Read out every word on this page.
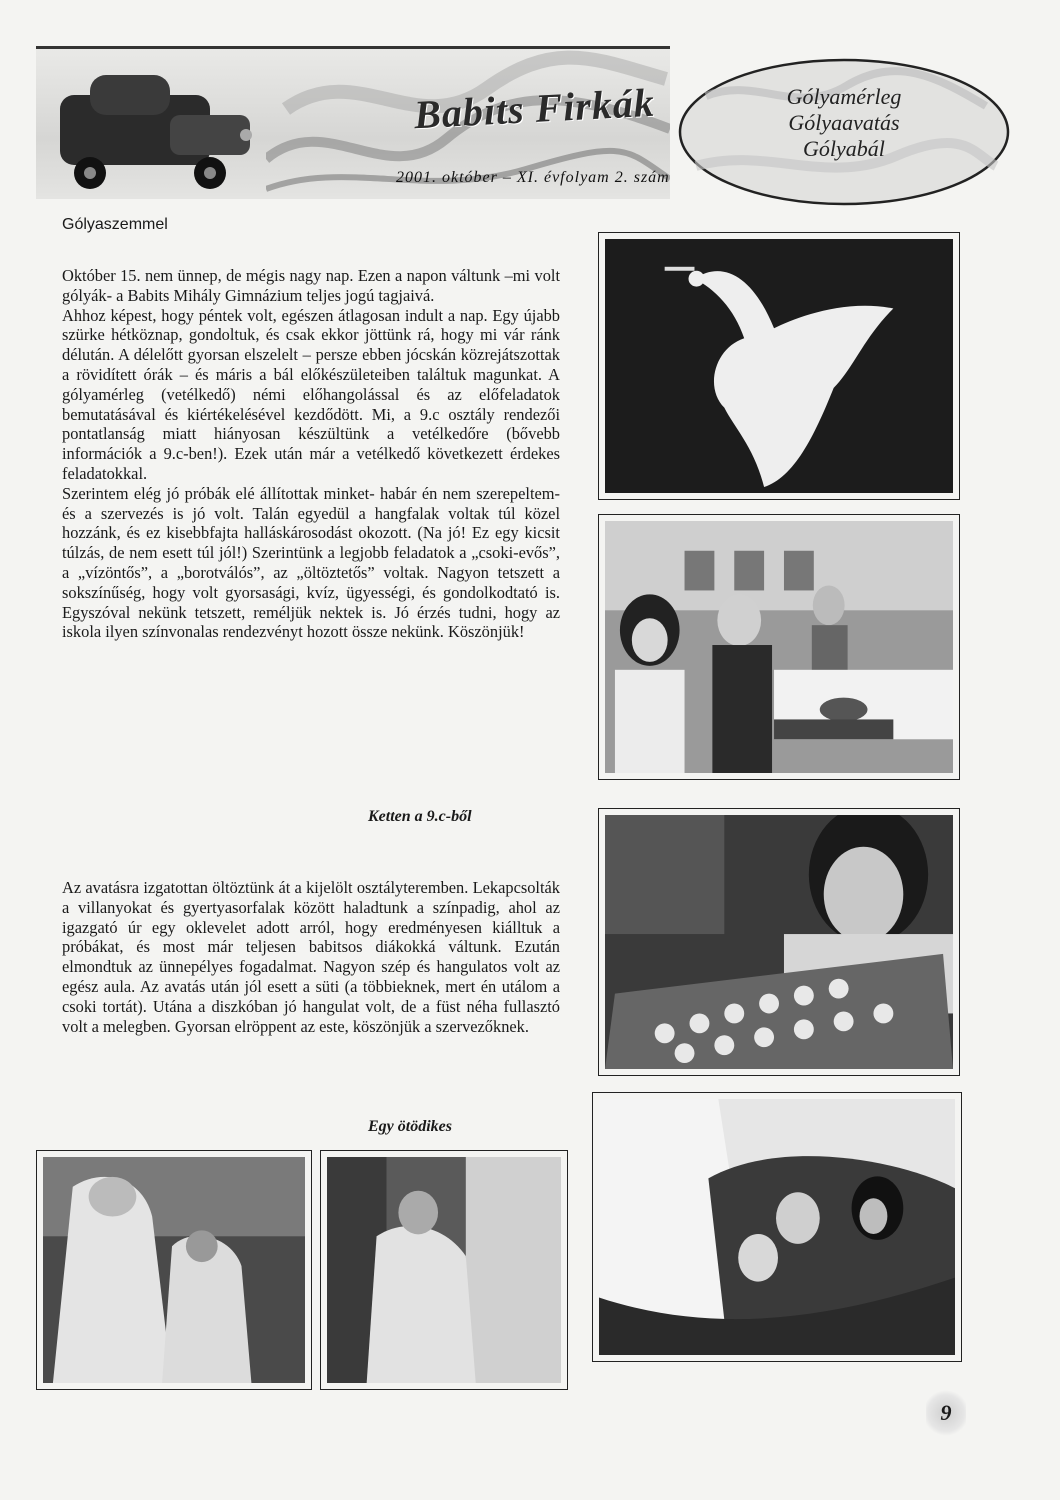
Babits Firkák
2001. október – XI. évfolyam 2. szám
Gólyamérleg
Gólyaavatás
Gólyabál
Gólyaszemmel

Október 15. nem ünnep, de mégis nagy nap. Ezen a napon váltunk –mi volt gólyák- a Babits Mihály Gimnázium teljes jogú tagjaivá.

Ahhoz képest, hogy péntek volt, egészen átlagosan indult a nap. Egy újabb szürke hétköznap, gondoltuk, és csak ekkor jöttünk rá, hogy mi vár ránk délután. A délelőtt gyorsan elszelelt – persze ebben jócskán közrejátszottak a rövidített órák – és máris a bál előkészületeiben találtuk magunkat. A gólyamérleg (vetélkedő) némi előhangolással és az előfeladatok bemutatásával és kiértékelésével kezdődött. Mi, a 9.c osztály rendezői pontatlanság miatt hiányosan készültünk a vetélkedőre (bővebb információk a 9.c-ben!). Ezek után már a vetélkedő következett érdekes feladatokkal.

Szerintem elég jó próbák elé állítottak minket- habár én nem szerepeltem- és a szervezés is jó volt. Talán egyedül a hangfalak voltak túl közel hozzánk, és ez kisebbfajta halláskárosodást okozott. (Na jó! Ez egy kicsit túlzás, de nem esett túl jól!) Szerintünk a legjobb feladatok a „csoki-evős”, a „vízöntős”, a „borotválós”, az „öltöztetős” voltak. Nagyon tetszett a sokszínűség, hogy volt gyorsasági, kvíz, ügyességi, és gondolkodtató is. Egyszóval nekünk tetszett, reméljük nektek is. Jó érzés tudni, hogy az iskola ilyen színvonalas rendezvényt hozott össze nekünk. Köszönjük!

Ketten a 9.c-ből

Az avatásra izgatottan öltöztünk át a kijelölt osztályteremben. Lekapcsolták a villanyokat és gyertyasorfalak között haladtunk a színpadig, ahol az igazgató úr egy oklevelet adott arról, hogy eredményesen kiálltuk a próbákat, és most már teljesen babitsos diákokká váltunk. Ezután elmondtuk az ünnepélyes fogadalmat. Nagyon szép és hangulatos volt az egész aula. Az avatás után jól esett a süti (a többieknek, mert én utálom a csoki tortát). Utána a diszkóban jó hangulat volt, de a füst néha fullasztó volt a melegben. Gyorsan elröppent az este, köszönjük a szervezőknek.

Egy ötödikes
9
